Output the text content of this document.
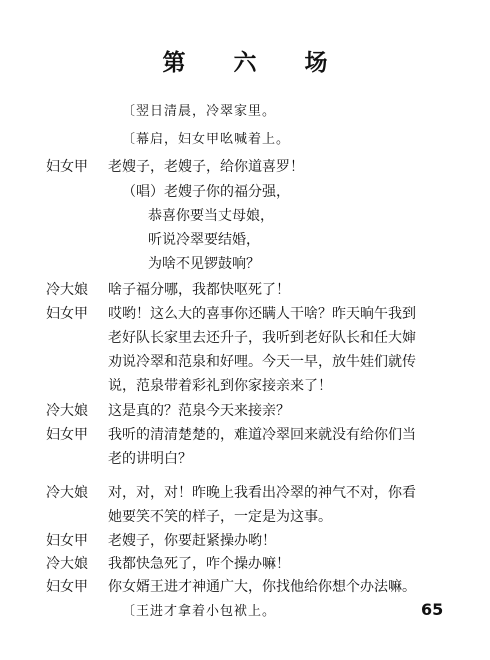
第 六 场
〔翌日清晨，冷翠家里。
〔幕启，妇女甲吆喊着上。
妇女甲 老嫂子，老嫂子，给你道喜罗！
（唱）老嫂子你的福分强，
恭喜你要当丈母娘，
听说冷翠要结婚，
为啥不见锣鼓响？
冷大娘 啥子福分哪，我都快呕死了！
妇女甲 哎哟！这么大的喜事你还瞒人干啥？昨天晌午我到
老好队长家里去还升子，我听到老好队长和任大婶
劝说冷翠和范泉和好哩。今天一早，放牛娃们就传
说，范泉带着彩礼到你家接亲来了！
冷大娘 这是真的？范泉今天来接亲？
妇女甲 我听的清清楚楚的，难道冷翠回来就没有给你们当
老的讲明白？
冷大娘 对，对，对！昨晚上我看出冷翠的神气不对，你看
她要笑不笑的样子，一定是为这事。
妇女甲 老嫂子，你要赶紧操办哟！
冷大娘 我都快急死了，咋个操办嘛！
妇女甲 你女婿王进才神通广大，你找他给你想个办法嘛。
〔王进才拿着小包袱上。	65
